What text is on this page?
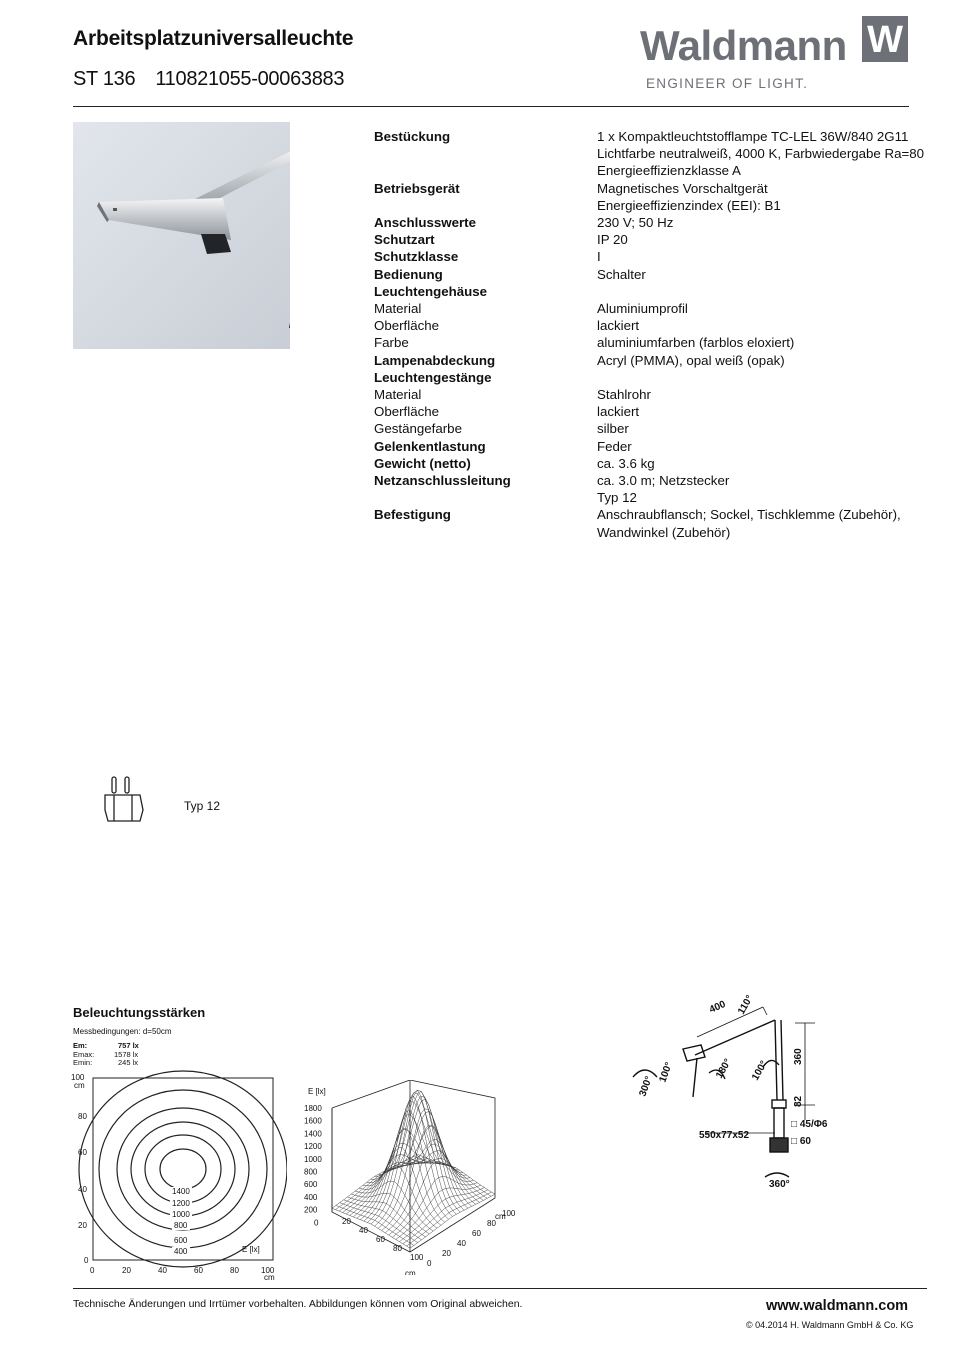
Arbeitsplatzuniversalleuchte
ST 136 110821055-00063883
Waldmann W
ENGINEER OF LIGHT.
Bestückung	1 x Kompaktleuchtstofflampe TC-LEL 36W/840 2G11
Lichtfarbe neutralweiß, 4000 K, Farbwiedergabe Ra=80
Energieeffizienzklasse A
Betriebsgerät	Magnetisches Vorschaltgerät
Energieeffizienzindex (EEI): B1
Anschlusswerte	230 V; 50 Hz
Schutzart	IP 20
Schutzklasse	I
Bedienung	Schalter
Leuchtengehäuse
Material	Aluminiumprofil
Oberfläche	lackiert
Farbe	aluminiumfarben (farblos eloxiert)
Lampenabdeckung	Acryl (PMMA), opal weiß (opak)
Leuchtengestänge
Material	Stahlrohr
Oberfläche	lackiert
Gestängefarbe	silber
Gelenkentlastung	Feder
Gewicht (netto)	ca. 3.6 kg
Netzanschlussleitung	ca. 3.0 m; Netzstecker
Typ 12
Befestigung	Anschraubflansch; Sockel, Tischklemme (Zubehör),
Wandwinkel (Zubehör)
Typ 12
Beleuchtungsstärken
Messbedingungen: d=50cm
Em:	757 lx
Emax:	1578 lx
Emin:	245 lx
100
cm
80
60
40
20
0
0	20	40	60	80	100
cm
1400
1200
1000
800
600
400	E [lx]
E [lx]
1800
1600
1400
1200
1000
800
600
400
200
0	20
40
60
80
100
0
20
40
60
80
100
cm
cm
400 110°
360
300°
100°	180° 100°
82
550x77x52
□ 45/Φ6
□ 60
360°
Technische Änderungen und Irrtümer vorbehalten. Abbildungen können vom Original abweichen.	www.waldmann.com
© 04.2014 H. Waldmann GmbH & Co. KG
